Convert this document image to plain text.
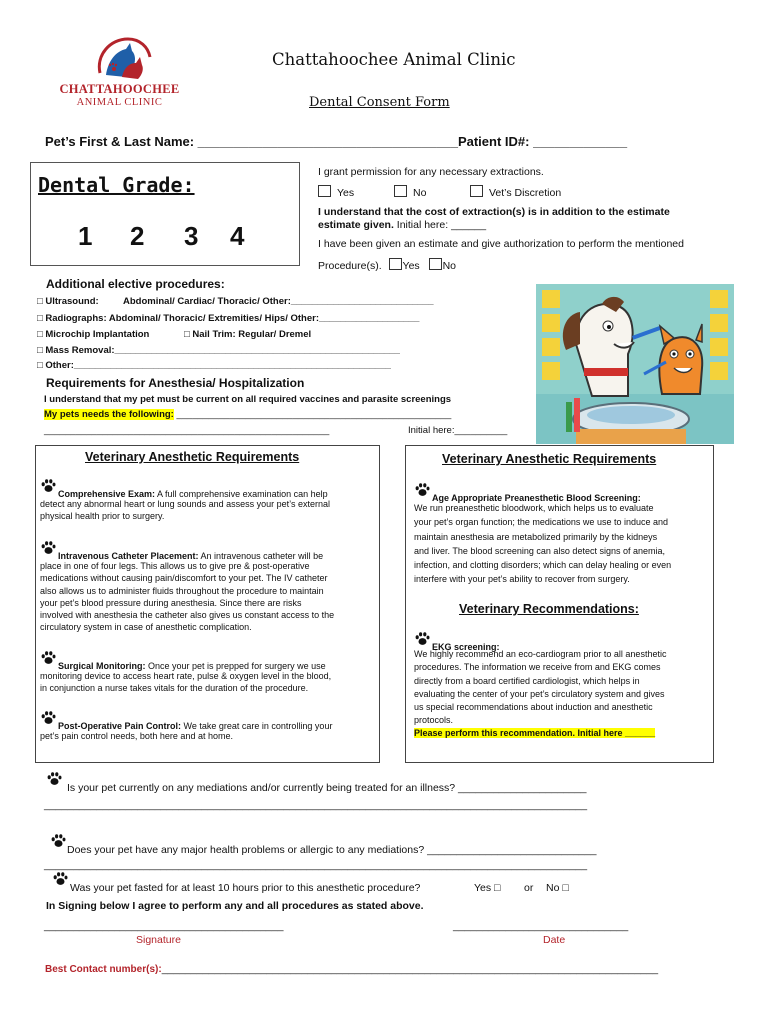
CHATTAHOOCHEE
ANIMAL CLINIC
Chattahoochee Animal Clinic
Dental Consent Form
Pet’s First & Last Name: ____________________________________Patient ID#: _____________
Dental Grade:
1 2 3 4
I grant permission for any necessary extractions.
Yes	No	Vet’s Discretion
I understand that the cost of extraction(s) is in addition to the estimate
estimate given. Initial here: ______
I have been given an estimate and give authorization to perform the mentioned
Procedure(s). Yes No
Additional elective procedures:
□ Ultrasound:	Abdominal/ Cardiac/ Thoracic/ Other:___________________________
□ Radiographs: Abdominal/ Thoracic/ Extremities/ Hips/ Other:___________________
□ Microchip Implantation	□ Nail Trim: Regular/ Dremel
□ Mass Removal:______________________________________________________
□ Other:____________________________________________________________
Requirements for Anesthesia/ Hospitalization
I understand that my pet must be current on all required vaccines and parasite screenings
My pets needs the following: ____________________________________________________
______________________________________________________	Initial here:__________
Veterinary Anesthetic Requirements
Comprehensive Exam: A full comprehensive examination can help
detect any abnormal heart or lung sounds and assess your pet’s external
physical health prior to surgery.
Intravenous Catheter Placement: An intravenous catheter will be
place in one of four legs. This allows us to give pre & post-operative
medications without causing pain/discomfort to your pet. The IV catheter
also allows us to administer fluids throughout the procedure to maintain
your pet’s blood pressure during anesthesia. Since there are risks
involved with anesthesia the catheter also gives us constant access to the
circulatory system in case of anesthetic complication.
Surgical Monitoring: Once your pet is prepped for surgery we use
monitoring device to access heart rate, pulse & oxygen level in the blood,
in conjunction a nurse takes vitals for the duration of the procedure.
Post-Operative Pain Control: We take great care in controlling your
pet’s pain control needs, both here and at home.
Veterinary Anesthetic Requirements
Age Appropriate Preanesthetic Blood Screening:
We run preanesthetic bloodwork, which helps us to evaluate
your pet’s organ function; the medications we use to induce and
maintain anesthesia are metabolized primarily by the kidneys
and liver. The blood screening can also detect signs of anemia,
infection, and clotting disorders; which can delay healing or even
interfere with your pet’s ability to recover from surgery.
Veterinary Recommendations:
EKG screening:
We highly recommend an eco-cardiogram prior to all anesthetic
procedures. The information we receive from and EKG comes
directly from a board certified cardiologist, which helps in
evaluating the center of your pet’s circulatory system and gives
us special recommendations about induction and anesthetic
protocols.
Please perform this recommendation. Initial here ______
Is your pet currently on any mediations and/or currently being treated for an illness? ______________________
_____________________________________________________________________________________________
Does your pet have any major health problems or allergic to any mediations? _____________________________
_____________________________________________________________________________________________
Was your pet fasted for at least 10 hours prior to this anesthetic procedure?	Yes □ or No □
In Signing below I agree to perform any and all procedures as stated above.
_________________________________________
Signature
______________________________
Date
Best Contact number(s):_____________________________________________________________________________________
